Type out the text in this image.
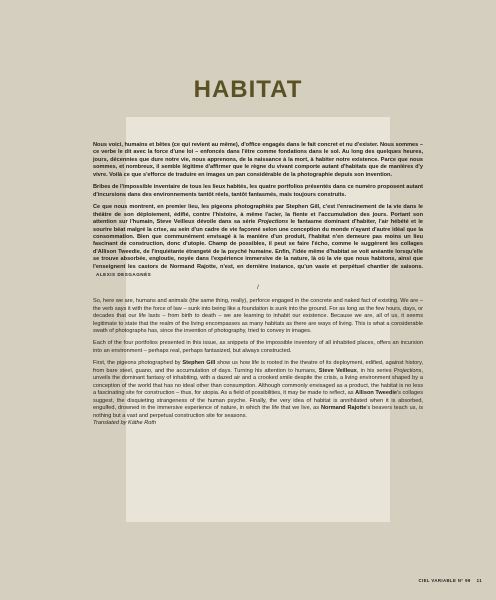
HABITAT

Nous voici, humains et bêtes (ce qui revient au même), d'office engagés dans le fait concret et nu d'exister. Nous sommes – ce verbe le dit avec la force d'une loi – enfoncés dans l'être comme fondations dans le sol. Au long des quelques heures, jours, décennies que dure notre vie, nous apprenons, de la naissance à la mort, à habiter notre existence. Parce que nous sommes, et nombreux, il semble légitime d'affirmer que le règne du vivant comporte autant d'habitats que de manières d'y vivre. Voilà ce que s'efforce de traduire en images un pan considérable de la photographie depuis son invention.

Bribes de l'impossible inventaire de tous les lieux habités, les quatre portfolios présentés dans ce numéro proposent autant d'incursions dans des environnements tantôt réels, tantôt fantasmés, mais toujours construits.

Ce que nous montrent, en premier lieu, les pigeons photographiés par Stephen Gill, c'est l'enracinement de la vie dans le théâtre de son déploiement, édifié, contre l'histoire, à même l'acier, la fiente et l'accumulation des jours. Portant son attention sur l'humain, Steve Veilleux dévoile dans sa série Projections le fantasme dominant d'habiter, l'air hébété et le sourire béat malgré la crise, au sein d'un cadre de vie façonné selon une conception du monde n'ayant d'autre idéal que la consommation. Bien que communément envisagé à la manière d'un produit, l'habitat n'en demeure pas moins un lieu fascinant de construction, donc d'utopie. Champ de possibles, il peut se faire l'écho, comme le suggèrent les collages d'Allison Tweedie, de l'inquiétante étrangeté de la psyché humaine. Enfin, l'idée même d'habitat se voit anéantie lorsqu'elle se trouve absorbée, engloutie, noyée dans l'expérience immersive de la nature, là où la vie que nous habitons, ainsi que l'enseignent les castors de Normand Rajotte, n'est, en dernière instance, qu'un vaste et perpétuel chantier de saisons. ALEXIS DESGAGNÉS

/

So, here we are, humans and animals (the same thing, really), perforce engaged in the concrete and naked fact of existing. We are – the verb says it with the force of law – sunk into being like a foundation is sunk into the ground. For as long as the few hours, days, or decades that our life lasts – from birth to death – we are learning to inhabit our existence. Because we are, all of us, it seems legitimate to state that the realm of the living encompasses as many habitats as there are ways of living. This is what a considerable swath of photographs has, since the invention of photography, tried to convey in images.

Each of the four portfolios presented in this issue, as snippets of the impossible inventory of all inhabited places, offers an incursion into an environment – perhaps real, perhaps fantasized, but always constructed.

First, the pigeons photographed by Stephen Gill show us how life is rooted in the theatre of its deployment, edified, against history, from bare steel, guano, and the accumulation of days. Turning his attention to humans, Steve Veilleux, in his series Projections, unveils the dominant fantasy of inhabiting, with a dazed air and a crooked smile despite the crisis, a living environment shaped by a conception of the world that has no ideal other than consumption. Although commonly envisaged as a product, the habitat is no less a fascinating site for construction – thus, for utopia. As a field of possibilities, it may be made to reflect, as Allison Tweedie's collages suggest, the disquieting strangeness of the human psyche. Finally, the very idea of habitat is annihilated when it is absorbed, engulfed, drowned in the immersive experience of nature, in which the life that we live, as Normand Rajotte's beavers teach us, is nothing but a vast and perpetual construction site for seasons.
Translated by Käthe Roth

CIEL VARIABLE N° 99 11
